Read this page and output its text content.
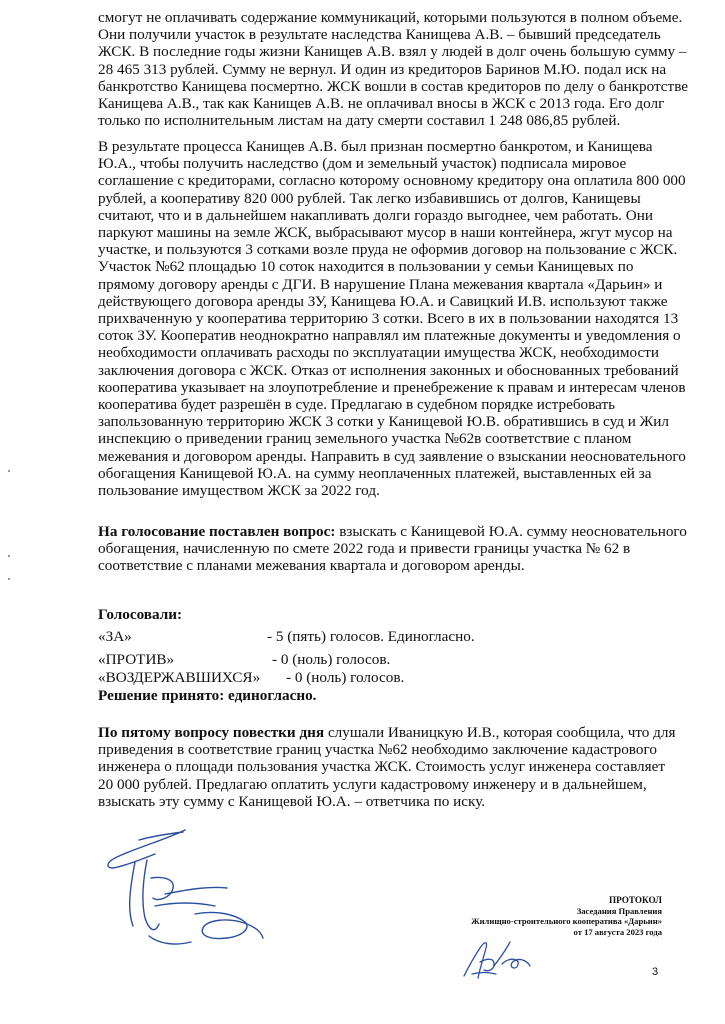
смогут не оплачивать содержание коммуникаций, которыми пользуются в полном объеме.
Они получили участок в результате наследства Канищева А.В. – бывший председатель
ЖСК. В последние годы жизни Канищев А.В. взял у людей в долг очень большую сумму –
28 465 313 рублей. Сумму не вернул. И один из кредиторов Баринов М.Ю. подал иск на
банкротство Канищева посмертно. ЖСК вошли в состав кредиторов по делу о банкротстве
Канищева А.В., так как Канищев А.В. не оплачивал вносы в ЖСК с 2013 года. Его долг
только по исполнительным листам на дату смерти составил 1 248 086,85 рублей.
В результате процесса Канищев А.В. был признан посмертно банкротом, и Канищева
Ю.А., чтобы получить наследство (дом и земельный участок) подписала мировое
соглашение с кредиторами, согласно которому основному кредитору она оплатила 800 000
рублей, а кооперативу 820 000 рублей. Так легко избавившись от долгов, Канищевы
считают, что и в дальнейшем накапливать долги гораздо выгоднее, чем работать. Они
паркуют машины на земле ЖСК, выбрасывают мусор в наши контейнера, жгут мусор на
участке, и пользуются 3 сотками возле пруда не оформив договор на пользование с ЖСК.
Участок №62 площадью 10 соток находится в пользовании у семьи Канищевых по
прямому договору аренды с ДГИ. В нарушение Плана межевания квартала «Дарьин» и
действующего договора аренды ЗУ, Канищева Ю.А. и Савицкий И.В. используют также
прихваченную у кооператива территорию 3 сотки. Всего в их в пользовании находятся 13
соток ЗУ. Кооператив неоднократно направлял им платежные документы и уведомления о
необходимости оплачивать расходы по эксплуатации имущества ЖСК, необходимости
заключения договора с ЖСК. Отказ от исполнения законных и обоснованных требований
кооператива указывает на злоупотребление и пренебрежение к правам и интересам членов
кооператива будет разрешён в суде. Предлагаю в судебном порядке истребовать
запользованную территорию ЖСК 3 сотки у Канищевой Ю.В. обратившись в суд и Жил
инспекцию о приведении границ земельного участка №62в соответствие с планом
межевания и договором аренды. Направить в суд заявление о взыскании неосновательного
обогащения Канищевой Ю.А. на сумму неоплаченных платежей, выставленных ей за
пользование имуществом ЖСК за 2022 год.
На голосование поставлен вопрос: взыскать с Канищевой Ю.А. сумму неосновательного
обогащения, начисленную по смете 2022 года и привести границы участка № 62 в
соответствие с планами межевания квартала и договором аренды.
Голосовали:
«ЗА»	- 5 (пять) голосов. Единогласно.
«ПРОТИВ»	- 0 (ноль) голосов.
«ВОЗДЕРЖАВШИХСЯ» - 0 (ноль) голосов.
Решение принято: единогласно.
По пятому вопросу повестки дня слушали Иваницкую И.В., которая сообщила, что для
приведения в соответствие границ участка №62 необходимо заключение кадастрового
инженера о площади пользования участка ЖСК. Стоимость услуг инженера составляет
20 000 рублей. Предлагаю оплатить услуги кадастровому инженеру и в дальнейшем,
взыскать эту сумму с Канищевой Ю.А. – ответчика по иску.
ПРОТОКОЛ
Заседания Правления
Жилищно-строительного кооператива «Дарьин»
от 17 августа 2023 года
3
